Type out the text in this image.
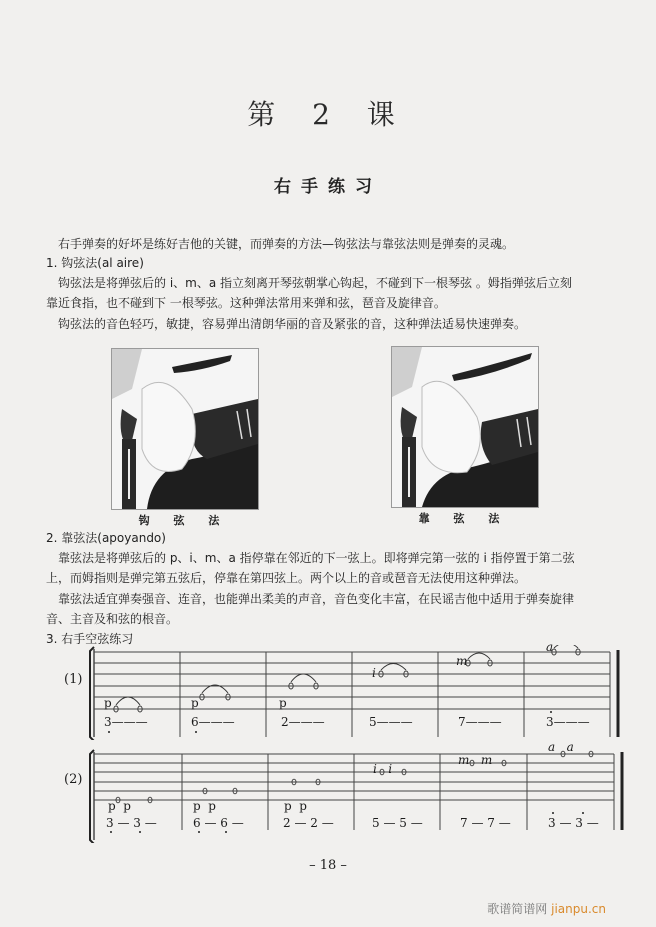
第 2 课
右手练习
右手弹奏的好坏是练好吉他的关键，而弹奏的方法—钩弦法与靠弦法则是弹奏的灵魂。
1. 钩弦法(al aire)
钩弦法是将弹弦后的 i、m、a 指立刻离开琴弦朝掌心钩起，不碰到下一根琴弦 。姆指弹弦后立刻
靠近食指，也不碰到下 一根琴弦。这种弹法常用来弹和弦，琶音及旋律音。
钩弦法的音色轻巧，敏捷，容易弹出清朗华丽的音及紧张的音，这种弹法适易快速弹奏。
钩 弦 法	靠 弦 法
2. 靠弦法(apoyando)
靠弦法是将弹弦后的 p、i、m、a 指停靠在邻近的下一弦上。即将弹完第一弦的 i 指停置于第二弦
上，而姆指则是弹完第五弦后，停靠在第四弦上。两个以上的音或琶音无法使用这种弹法。
靠弦法适宜弹奏强音、连音，也能弹出柔美的声音，音色变化丰富，在民谣吉他中适用于弹奏旋律
音、主音及和弦的根音。
3. 右手空弦练习
(1)
p	p	p
i
m
a
3———	6———	2———	5———	7———	3———
(2)
p  p	p  p	p  p
i   i
m   m
a   a
3 — 3 —	6 — 6 —	2 — 2 —	5 — 5 —	7 — 7 —	3 — 3 —
– 18 –
歌谱简谱网 jianpu.cn
